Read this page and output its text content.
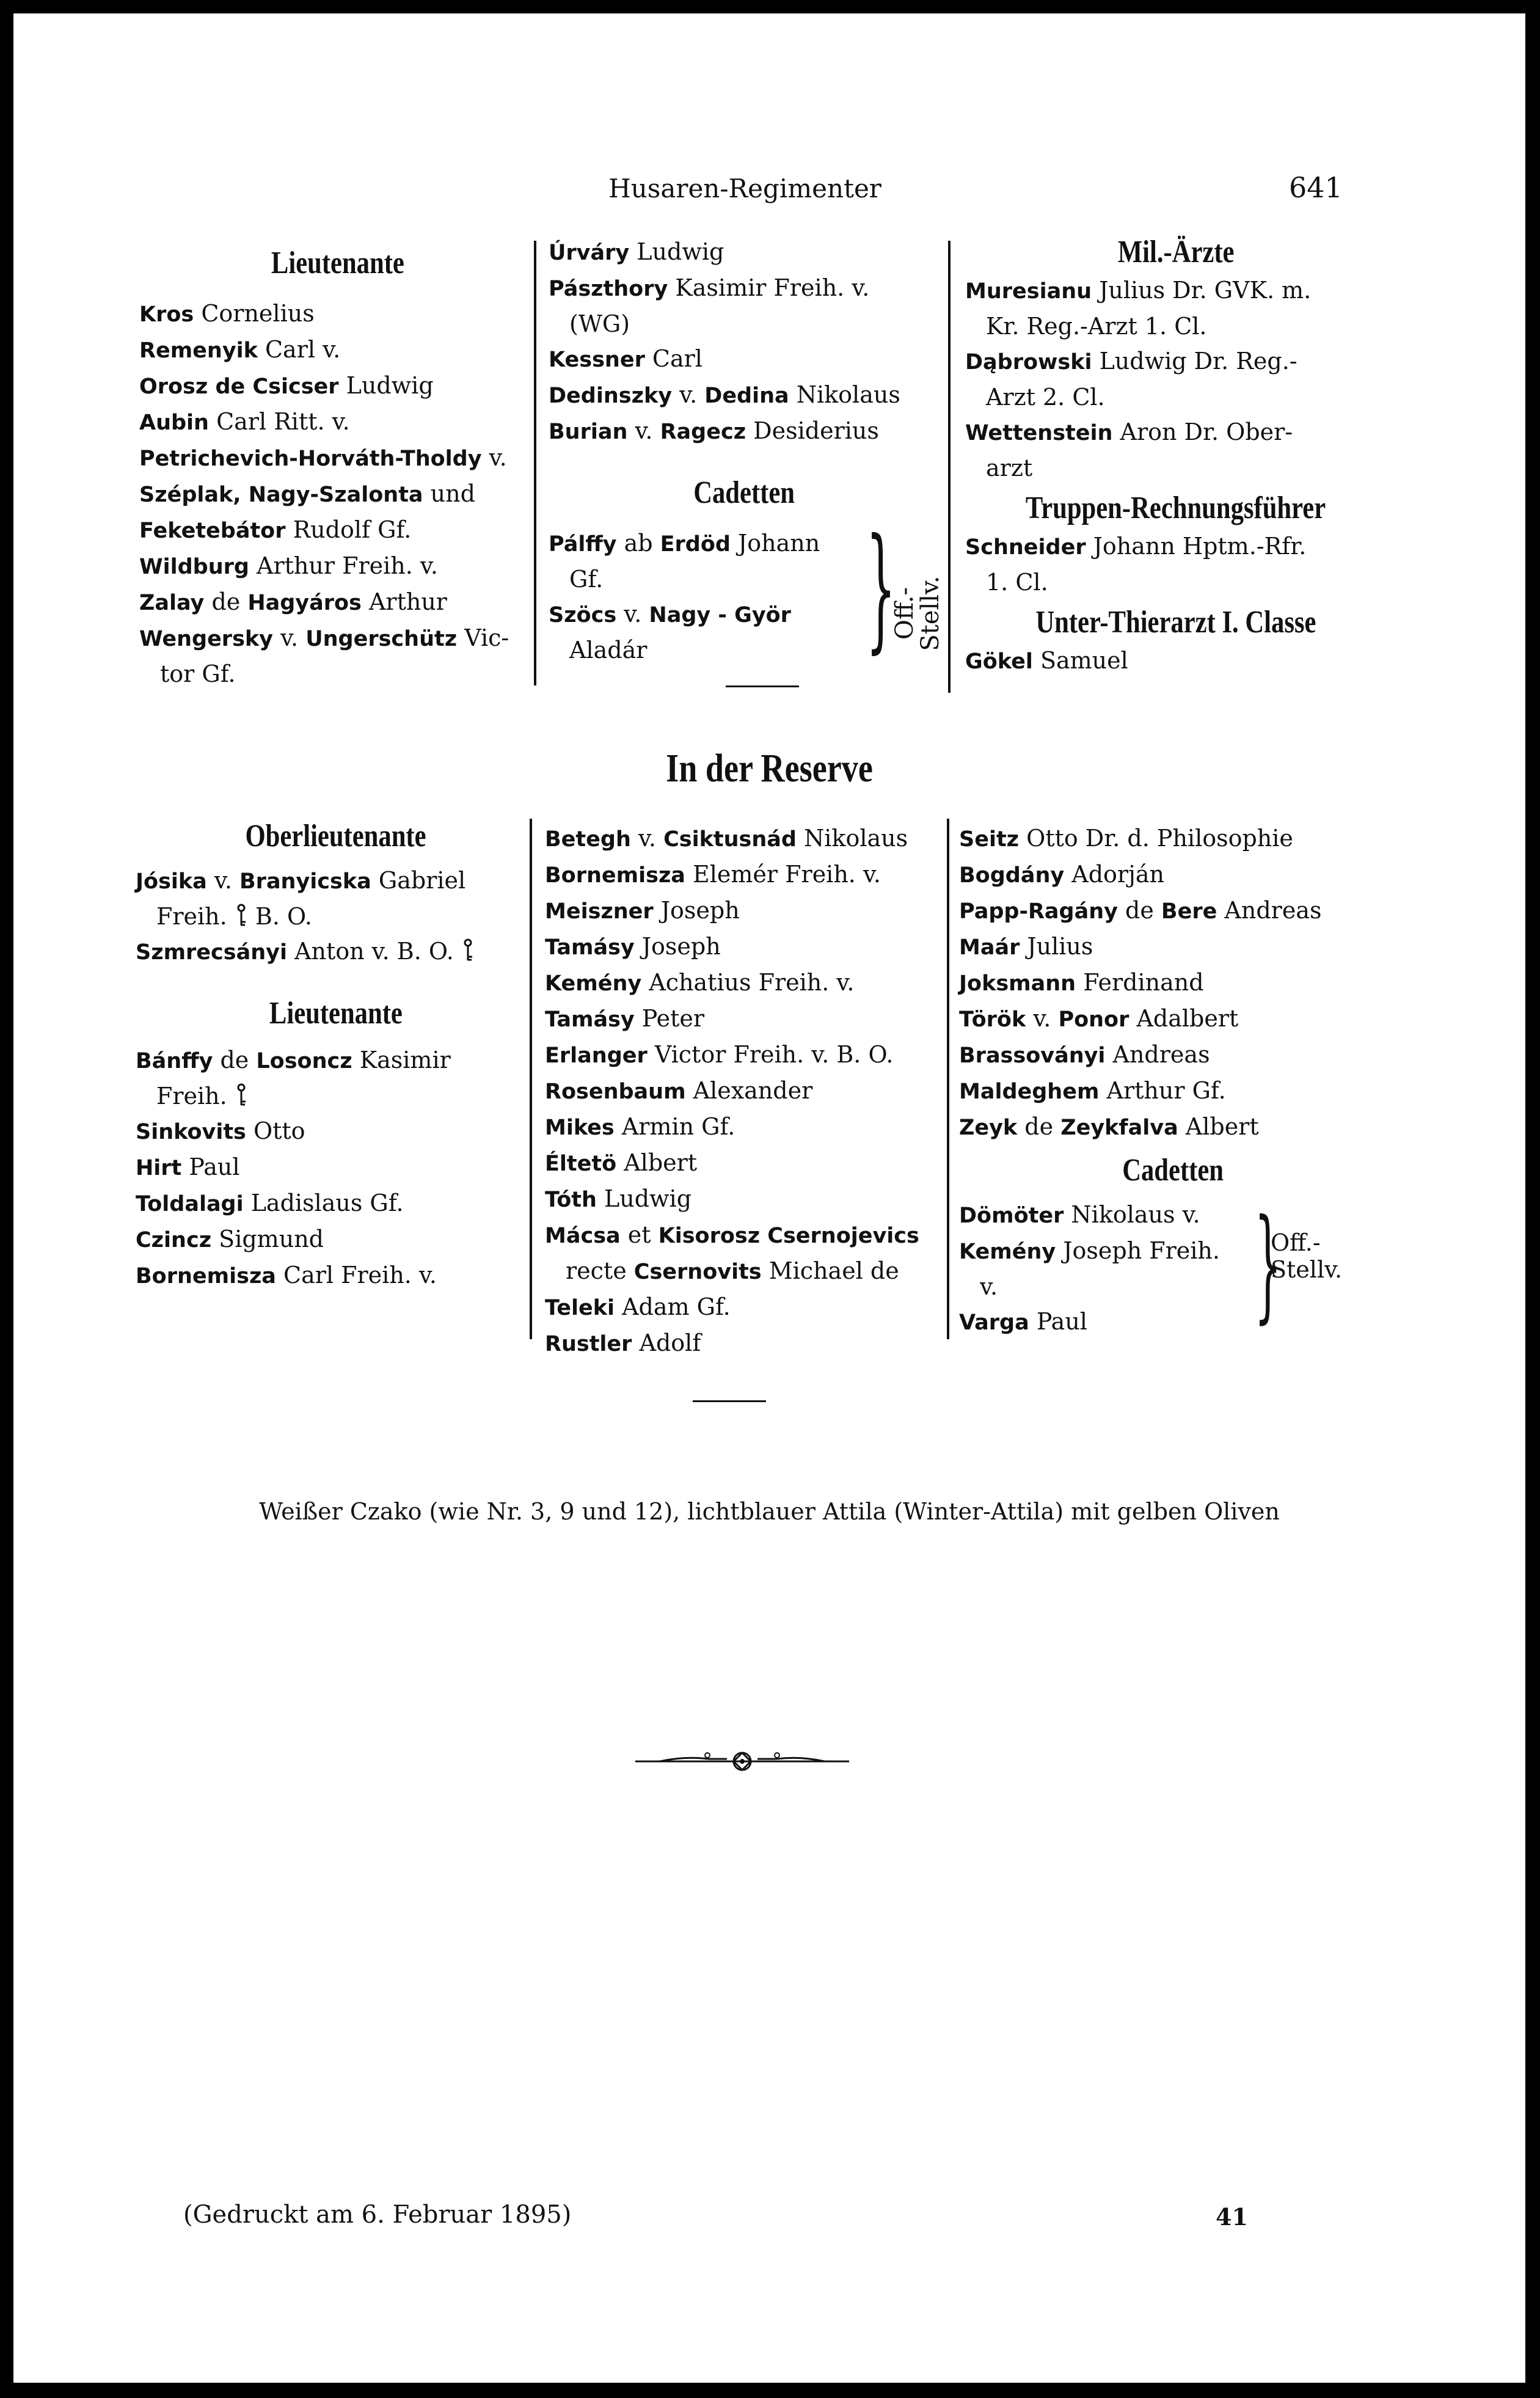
Husaren-Regimenter	641
Lieutenante

Kros Cornelius

Remenyik Carl v.

Orosz de Csicser Ludwig

Aubin Carl Ritt. v.

Petrichevich-Horváth-Tholdy v.

Széplak, Nagy-Szalonta und

Feketebátor Rudolf Gf.

Wildburg Arthur Freih. v.

Zalay de Hagyáros Arthur

Wengersky v. Ungerschütz Vic-

tor Gf.

Úrváry Ludwig

Pászthory Kasimir Freih. v.

(WG)

Kessner Carl

Dedinszky v. Dedina Nikolaus

Burian v. Ragecz Desiderius

Cadetten

Pálffy ab Erdöd Johann

Gf.

Szöcs v. Nagy - Györ

Aladár	}
Off.-Stellv.
Mil.-Ärzte

Muresianu Julius Dr. GVK. m.

Kr. Reg.-Arzt 1. Cl.

Dąbrowski Ludwig Dr. Reg.-

Arzt 2. Cl.

Wettenstein Aron Dr. Ober-

arzt

Truppen-Rechnungsführer

Schneider Johann Hptm.-Rfr.

1. Cl.

Unter-Thierarzt I. Classe

Gökel Samuel

In der Reserve
Oberlieutenante

Jósika v. Branyicska Gabriel

Freih.  B. O.

Szmrecsányi Anton v. B. O.

Lieutenante

Bánffy de Losoncz Kasimir

Freih.

Sinkovits Otto

Hirt Paul

Toldalagi Ladislaus Gf.

Czincz Sigmund

Bornemisza Carl Freih. v.

Betegh v. Csiktusnád Nikolaus

Bornemisza Elemér Freih. v.

Meiszner Joseph

Tamásy Joseph

Kemény Achatius Freih. v.

Tamásy Peter

Erlanger Victor Freih. v. B. O.

Rosenbaum Alexander

Mikes Armin Gf.

Éltetö Albert

Tóth Ludwig

Mácsa et Kisorosz Csernojevics

recte Csernovits Michael de

Teleki Adam Gf.

Rustler Adolf

Seitz Otto Dr. d. Philosophie

Bogdány Adorján

Papp-Ragány de Bere Andreas

Maár Julius

Joksmann Ferdinand

Török v. Ponor Adalbert

Brassoványi Andreas

Maldeghem Arthur Gf.

Zeyk de Zeykfalva Albert

Cadetten

Dömöter Nikolaus v.

Kemény Joseph Freih.

v.

Varga Paul	}
Off.-
Stellv.
Weißer Czako (wie Nr. 3, 9 und 12), lichtblauer Attila (Winter-Attila) mit gelben Oliven
(Gedruckt am 6. Februar 1895)	41
